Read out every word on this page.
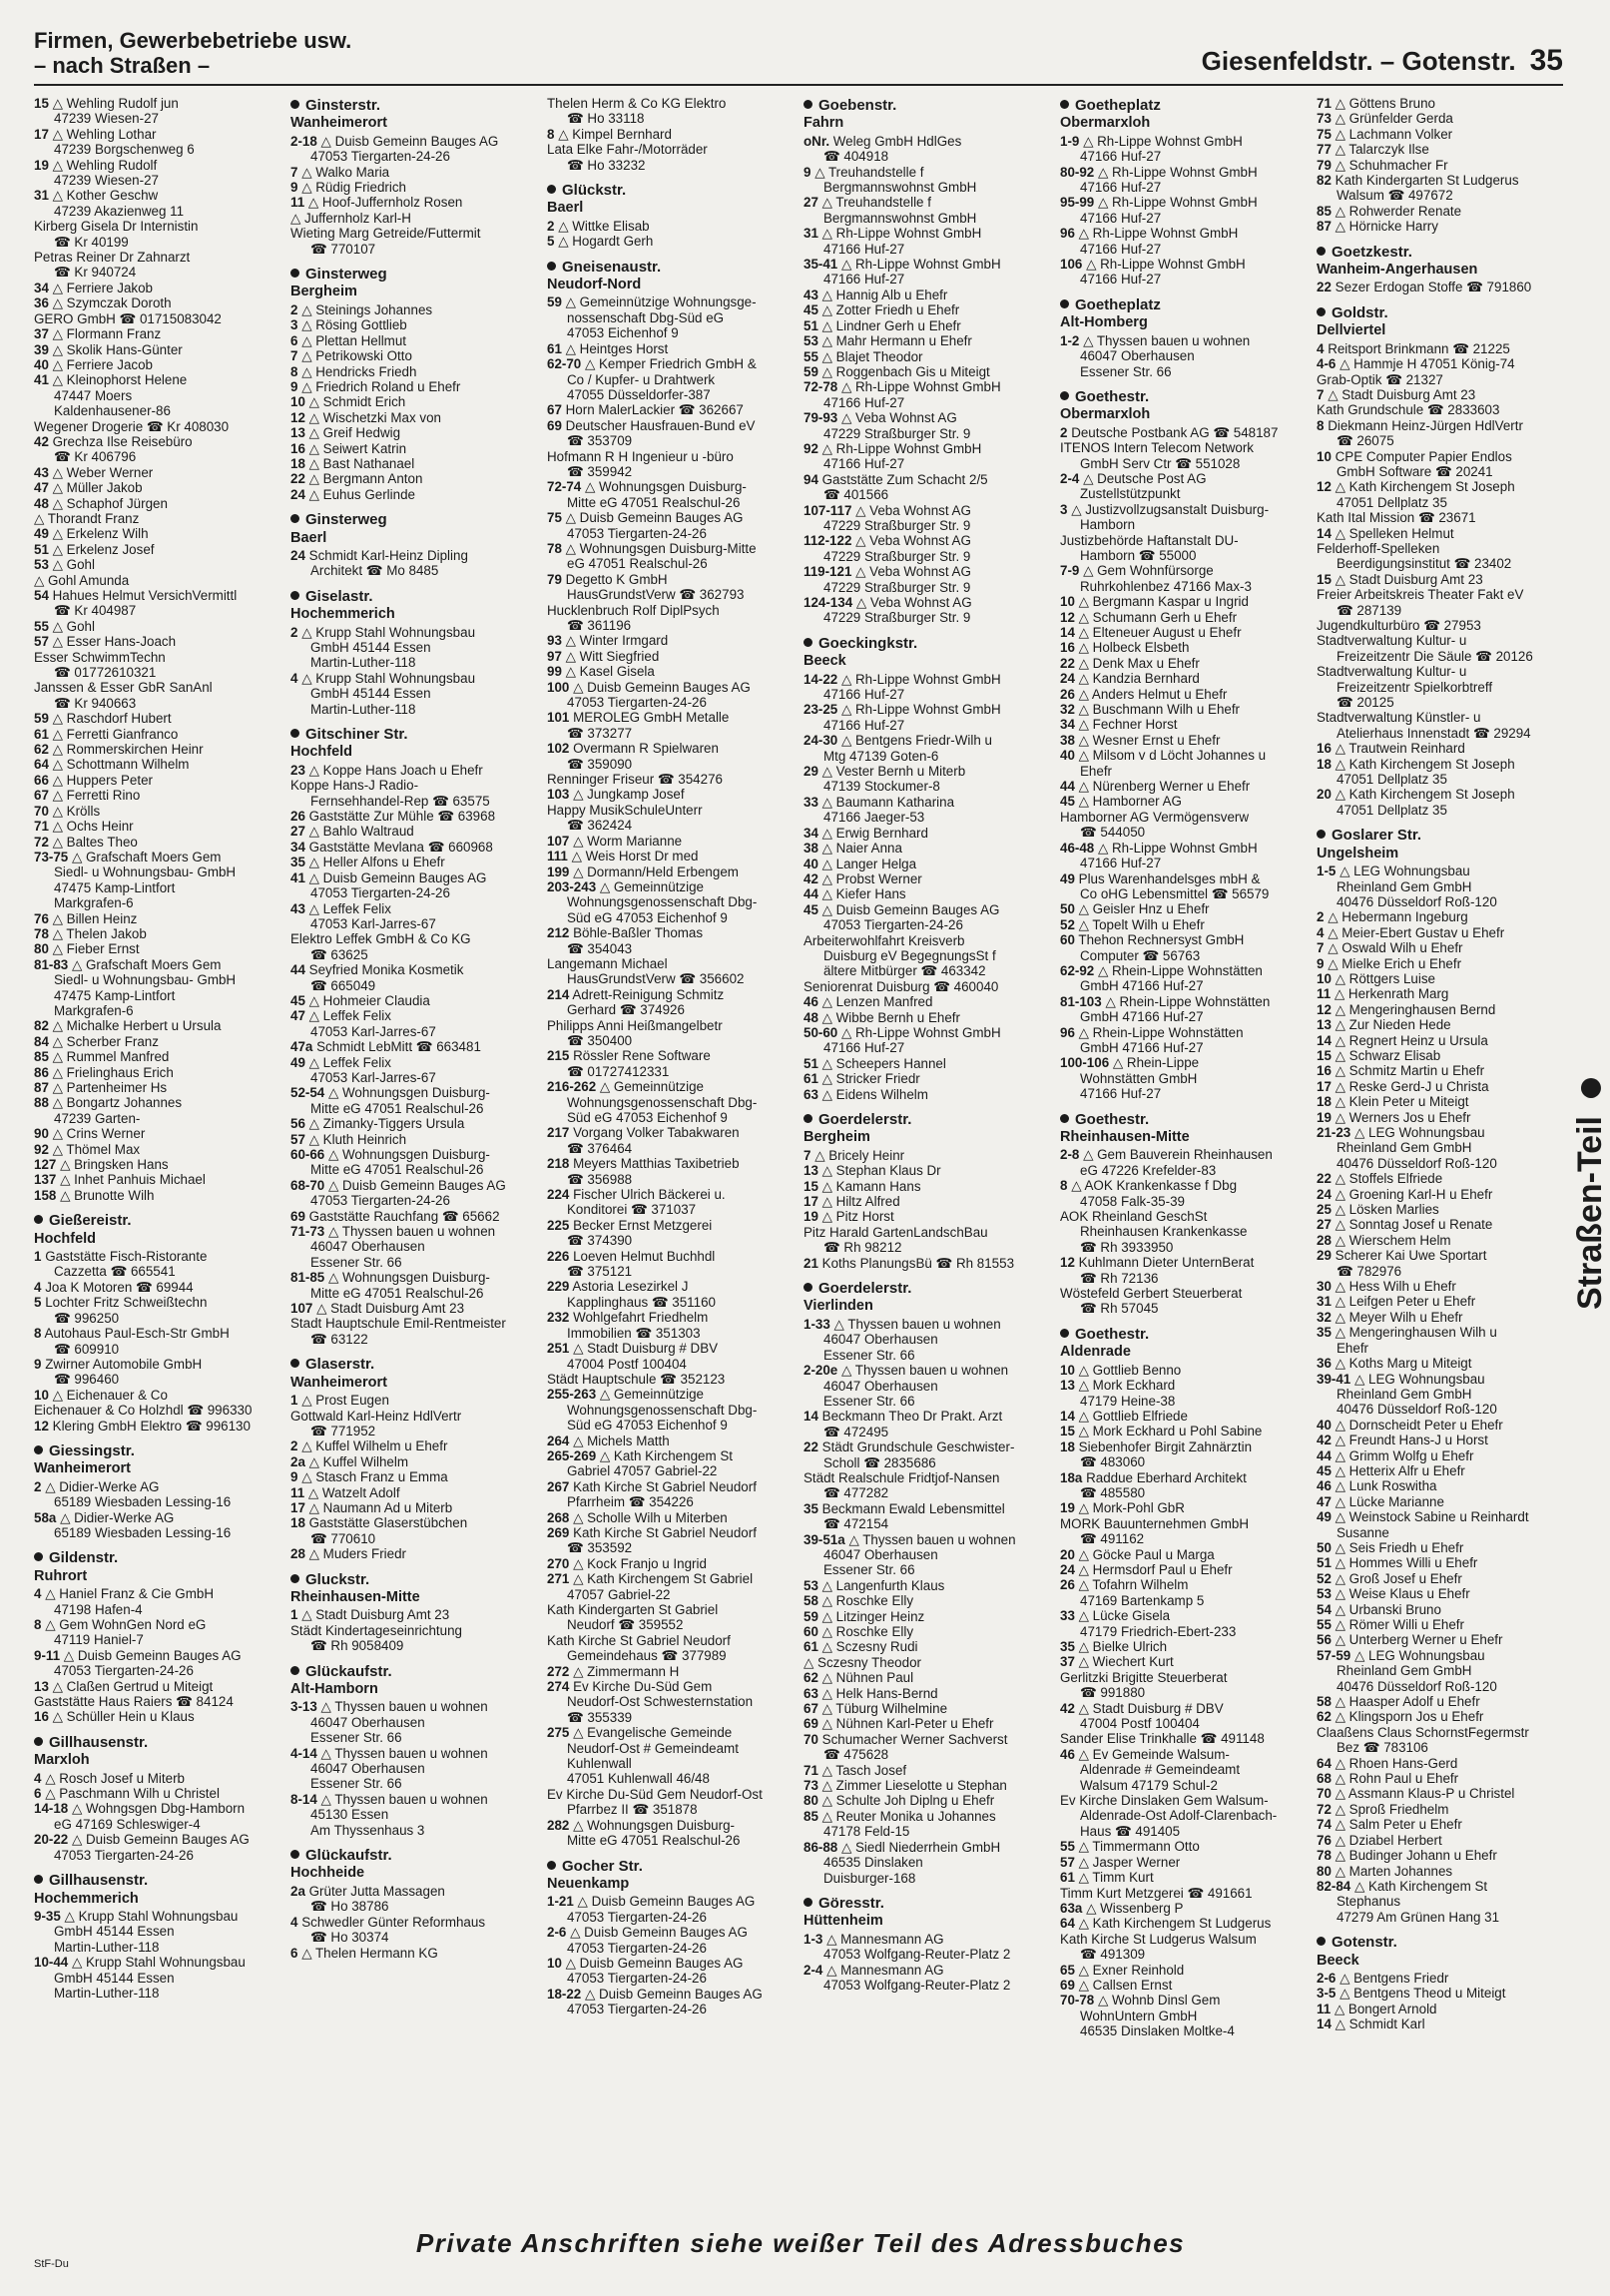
Firmen, Gewerbebetriebe usw.
– nach Straßen –	Giesenfeldstr. – Gotenstr. 35
15 △ Wehling Rudolf jun
47239 Wiesen-27
17 △ Wehling Lothar
47239 Borgschenweg 6
19 △ Wehling Rudolf
47239 Wiesen-27
31 △ Kother Geschw
47239 Akazienweg 11
Kirberg Gisela Dr Internistin
☎ Kr 40199
Petras Reiner Dr Zahnarzt
☎ Kr 940724
34 △ Ferriere Jakob
36 △ Szymczak Doroth
GERO GmbH ☎ 01715083042
37 △ Flormann Franz
39 △ Skolik Hans-Günter
40 △ Ferriere Jacob
41 △ Kleinophorst Helene
47447 Moers
Kaldenhausener-86
Wegener Drogerie ☎ Kr 408030
42 Grechza Ilse Reisebüro
☎ Kr 406796
43 △ Weber Werner
47 △ Müller Jakob
48 △ Schaphof Jürgen
△ Thorandt Franz
49 △ Erkelenz Wilh
51 △ Erkelenz Josef
53 △ Gohl
△ Gohl Amunda
54 Hahues Helmut VersichVermittl
☎ Kr 404987
55 △ Gohl
57 △ Esser Hans-Joach
Esser SchwimmTechn
☎ 01772610321
Janssen & Esser GbR SanAnl
☎ Kr 940663
59 △ Raschdorf Hubert
61 △ Ferretti Gianfranco
62 △ Rommerskirchen Heinr
64 △ Schottmann Wilhelm
66 △ Huppers Peter
67 △ Ferretti Rino
70 △ Krölls
71 △ Ochs Heinr
72 △ Baltes Theo
73-75 △ Grafschaft Moers Gem
Siedl- u Wohnungsbau- GmbH
47475 Kamp-Lintfort
Markgrafen-6
76 △ Billen Heinz
78 △ Thelen Jakob
80 △ Fieber Ernst
81-83 △ Grafschaft Moers Gem
Siedl- u Wohnungsbau- GmbH
47475 Kamp-Lintfort
Markgrafen-6
82 △ Michalke Herbert u Ursula
84 △ Scherber Franz
85 △ Rummel Manfred
86 △ Frielinghaus Erich
87 △ Partenheimer Hs
88 △ Bongartz Johannes
47239 Garten-
90 △ Crins Werner
92 △ Thömel Max
127 △ Bringsken Hans
137 △ Inhet Panhuis Michael
158 △ Brunotte Wilh
Gießereistr.
Hochfeld
1 Gaststätte Fisch-Ristorante
Cazzetta ☎ 665541
4 Joa K Motoren ☎ 69944
5 Lochter Fritz Schweißtechn
☎ 996250
8 Autohaus Paul-Esch-Str GmbH
☎ 609910
9 Zwirner Automobile GmbH
☎ 996460
10 △ Eichenauer & Co
Eichenauer & Co Holzhdl ☎ 996330
12 Klering GmbH Elektro ☎ 996130
Giessingstr.
Wanheimerort
2 △ Didier-Werke AG
65189 Wiesbaden Lessing-16
58a △ Didier-Werke AG
65189 Wiesbaden Lessing-16
Gildenstr.
Ruhrort
4 △ Haniel Franz & Cie GmbH
47198 Hafen-4
8 △ Gem WohnGen Nord eG
47119 Haniel-7
9-11 △ Duisb Gemeinn Bauges AG
47053 Tiergarten-24-26
13 △ Claßen Gertrud u Miteigt
Gaststätte Haus Raiers ☎ 84124
16 △ Schüller Hein u Klaus
Gillhausenstr.
Marxloh
4 △ Rosch Josef u Miterb
6 △ Paschmann Wilh u Christel
14-18 △ Wohngsgen Dbg-Hamborn
eG 47169 Schleswiger-4
20-22 △ Duisb Gemeinn Bauges AG
47053 Tiergarten-24-26
Gillhausenstr.
Hochemmerich
9-35 △ Krupp Stahl Wohnungsbau
GmbH 45144 Essen
Martin-Luther-118
10-44 △ Krupp Stahl Wohnungsbau
GmbH 45144 Essen
Martin-Luther-118
Ginsterstr.
Wanheimerort
2-18 △ Duisb Gemeinn Bauges AG
47053 Tiergarten-24-26
7 △ Walko Maria
9 △ Rüdig Friedrich
11 △ Hoof-Juffernholz Rosen
△ Juffernholz Karl-H
Wieting Marg Getreide/Futtermit
☎ 770107
Ginsterweg
Bergheim
2 △ Steinings Johannes
3 △ Rösing Gottlieb
6 △ Plettan Hellmut
7 △ Petrikowski Otto
8 △ Hendricks Friedh
9 △ Friedrich Roland u Ehefr
10 △ Schmidt Erich
12 △ Wischetzki Max von
13 △ Greif Hedwig
16 △ Seiwert Katrin
18 △ Bast Nathanael
22 △ Bergmann Anton
24 △ Euhus Gerlinde
Ginsterweg
Baerl
24 Schmidt Karl-Heinz Dipling
Architekt ☎ Mo 8485
Giselastr.
Hochemmerich
2 △ Krupp Stahl Wohnungsbau
GmbH 45144 Essen
Martin-Luther-118
4 △ Krupp Stahl Wohnungsbau
GmbH 45144 Essen
Martin-Luther-118
Gitschiner Str.
Hochfeld
23 △ Koppe Hans Joach u Ehefr
Koppe Hans-J Radio-
Fernsehhandel-Rep ☎ 63575
26 Gaststätte Zur Mühle ☎ 63968
27 △ Bahlo Waltraud
34 Gaststätte Mevlana ☎ 660968
35 △ Heller Alfons u Ehefr
41 △ Duisb Gemeinn Bauges AG
47053 Tiergarten-24-26
43 △ Leffek Felix
47053 Karl-Jarres-67
Elektro Leffek GmbH & Co KG
☎ 63625
44 Seyfried Monika Kosmetik
☎ 665049
45 △ Hohmeier Claudia
47 △ Leffek Felix
47053 Karl-Jarres-67
47a Schmidt LebMitt ☎ 663481
49 △ Leffek Felix
47053 Karl-Jarres-67
52-54 △ Wohnungsgen Duisburg-
Mitte eG 47051 Realschul-26
56 △ Zimanky-Tiggers Ursula
57 △ Kluth Heinrich
60-66 △ Wohnungsgen Duisburg-
Mitte eG 47051 Realschul-26
68-70 △ Duisb Gemeinn Bauges AG
47053 Tiergarten-24-26
69 Gaststätte Rauchfang ☎ 65662
71-73 △ Thyssen bauen u wohnen
46047 Oberhausen
Essener Str. 66
81-85 △ Wohnungsgen Duisburg-
Mitte eG 47051 Realschul-26
107 △ Stadt Duisburg Amt 23
Stadt Hauptschule Emil-Rentmeister
☎ 63122
Glaserstr.
Wanheimerort
1 △ Prost Eugen
Gottwald Karl-Heinz HdlVertr
☎ 771952
2 △ Kuffel Wilhelm u Ehefr
2a △ Kuffel Wilhelm
9 △ Stasch Franz u Emma
11 △ Watzelt Adolf
17 △ Naumann Ad u Miterb
18 Gaststätte Glaserstübchen
☎ 770610
28 △ Muders Friedr
Gluckstr.
Rheinhausen-Mitte
1 △ Stadt Duisburg Amt 23
Städt Kindertageseinrichtung
☎ Rh 9058409
Glückaufstr.
Alt-Hamborn
3-13 △ Thyssen bauen u wohnen
46047 Oberhausen
Essener Str. 66
4-14 △ Thyssen bauen u wohnen
46047 Oberhausen
Essener Str. 66
8-14 △ Thyssen bauen u wohnen
45130 Essen
Am Thyssenhaus 3
Glückaufstr.
Hochheide
2a Grüter Jutta Massagen
☎ Ho 38786
4 Schwedler Günter Reformhaus
☎ Ho 30374
6 △ Thelen Hermann KG
Thelen Herm & Co KG Elektro
☎ Ho 33118
8 △ Kimpel Bernhard
Lata Elke Fahr-/Motorräder
☎ Ho 33232
Glückstr.
Baerl
2 △ Wittke Elisab
5 △ Hogardt Gerh
Gneisenaustr.
Neudorf-Nord
59 △ Gemeinnützige Wohnungsge-
nossenschaft Dbg-Süd eG
47053 Eichenhof 9
61 △ Heintges Horst
62-70 △ Kemper Friedrich GmbH &
Co / Kupfer- u Drahtwerk
47055 Düsseldorfer-387
67 Horn MalerLackier ☎ 362667
69 Deutscher Hausfrauen-Bund eV
☎ 353709
Hofmann R H Ingenieur u -büro
☎ 359942
72-74 △ Wohnungsgen Duisburg-
Mitte eG 47051 Realschul-26
75 △ Duisb Gemeinn Bauges AG
47053 Tiergarten-24-26
78 △ Wohnungsgen Duisburg-Mitte
eG 47051 Realschul-26
79 Degetto K GmbH
HausGrundstVerw ☎ 362793
Hucklenbruch Rolf DiplPsych
☎ 361196
93 △ Winter Irmgard
97 △ Witt Siegfried
99 △ Kasel Gisela
100 △ Duisb Gemeinn Bauges AG
47053 Tiergarten-24-26
101 MEROLEG GmbH Metalle
☎ 373277
102 Overmann R Spielwaren
☎ 359090
Renninger Friseur ☎ 354276
103 △ Jungkamp Josef
Happy MusikSchuleUnterr
☎ 362424
107 △ Worm Marianne
111 △ Weis Horst Dr med
199 △ Dormann/Held Erbengem
203-243 △ Gemeinnützige
Wohnungsgenossenschaft Dbg-
Süd eG 47053 Eichenhof 9
212 Böhle-Baßler Thomas
☎ 354043
Langemann Michael
HausGrundstVerw ☎ 356602
214 Adrett-Reinigung Schmitz
Gerhard ☎ 374926
Philipps Anni Heißmangelbetr
☎ 350400
215 Rössler Rene Software
☎ 01727412331
216-262 △ Gemeinnützige
Wohnungsgenossenschaft Dbg-
Süd eG 47053 Eichenhof 9
217 Vorgang Volker Tabakwaren
☎ 376464
218 Meyers Matthias Taxibetrieb
☎ 356988
224 Fischer Ulrich Bäckerei u.
Konditorei ☎ 371037
225 Becker Ernst Metzgerei
☎ 374390
226 Loeven Helmut Buchhdl
☎ 375121
229 Astoria Lesezirkel J
Kapplinghaus ☎ 351160
232 Wohlgefahrt Friedhelm
Immobilien ☎ 351303
251 △ Stadt Duisburg # DBV
47004 Postf 100404
Städt Hauptschule ☎ 352123
255-263 △ Gemeinnützige
Wohnungsgenossenschaft Dbg-
Süd eG 47053 Eichenhof 9
264 △ Michels Matth
265-269 △ Kath Kirchengem St
Gabriel 47057 Gabriel-22
267 Kath Kirche St Gabriel Neudorf
Pfarrheim ☎ 354226
268 △ Scholle Wilh u Miterben
269 Kath Kirche St Gabriel Neudorf
☎ 353592
270 △ Kock Franjo u Ingrid
271 △ Kath Kirchengem St Gabriel
47057 Gabriel-22
Kath Kindergarten St Gabriel
Neudorf ☎ 359552
Kath Kirche St Gabriel Neudorf
Gemeindehaus ☎ 377989
272 △ Zimmermann H
274 Ev Kirche Du-Süd Gem
Neudorf-Ost Schwesternstation
☎ 355339
275 △ Evangelische Gemeinde
Neudorf-Ost # Gemeindeamt
Kuhlenwall
47051 Kuhlenwall 46/48
Ev Kirche Du-Süd Gem Neudorf-Ost
Pfarrbez II ☎ 351878
282 △ Wohnungsgen Duisburg-
Mitte eG 47051 Realschul-26
Gocher Str.
Neuenkamp
1-21 △ Duisb Gemeinn Bauges AG
47053 Tiergarten-24-26
2-6 △ Duisb Gemeinn Bauges AG
47053 Tiergarten-24-26
10 △ Duisb Gemeinn Bauges AG
47053 Tiergarten-24-26
18-22 △ Duisb Gemeinn Bauges AG
47053 Tiergarten-24-26
Goebenstr.
Fahrn
oNr. Weleg GmbH HdlGes
☎ 404918
9 △ Treuhandstelle f
Bergmannswohnst GmbH
27 △ Treuhandstelle f
Bergmannswohnst GmbH
31 △ Rh-Lippe Wohnst GmbH
47166 Huf-27
35-41 △ Rh-Lippe Wohnst GmbH
47166 Huf-27
43 △ Hannig Alb u Ehefr
45 △ Zotter Friedh u Ehefr
51 △ Lindner Gerh u Ehefr
53 △ Mahr Hermann u Ehefr
55 △ Blajet Theodor
59 △ Roggenbach Gis u Miteigt
72-78 △ Rh-Lippe Wohnst GmbH
47166 Huf-27
79-93 △ Veba Wohnst AG
47229 Straßburger Str. 9
92 △ Rh-Lippe Wohnst GmbH
47166 Huf-27
94 Gaststätte Zum Schacht 2/5
☎ 401566
107-117 △ Veba Wohnst AG
47229 Straßburger Str. 9
112-122 △ Veba Wohnst AG
47229 Straßburger Str. 9
119-121 △ Veba Wohnst AG
47229 Straßburger Str. 9
124-134 △ Veba Wohnst AG
47229 Straßburger Str. 9
Goeckingkstr.
Beeck
14-22 △ Rh-Lippe Wohnst GmbH
47166 Huf-27
23-25 △ Rh-Lippe Wohnst GmbH
47166 Huf-27
24-30 △ Bentgens Friedr-Wilh u
Mtg 47139 Goten-6
29 △ Vester Bernh u Miterb
47139 Stockumer-8
33 △ Baumann Katharina
47166 Jaeger-53
34 △ Erwig Bernhard
38 △ Naier Anna
40 △ Langer Helga
42 △ Probst Werner
44 △ Kiefer Hans
45 △ Duisb Gemeinn Bauges AG
47053 Tiergarten-24-26
Arbeiterwohlfahrt Kreisverb
Duisburg eV BegegnungsSt f
ältere Mitbürger ☎ 463342
Seniorenrat Duisburg ☎ 460040
46 △ Lenzen Manfred
48 △ Wibbe Bernh u Ehefr
50-60 △ Rh-Lippe Wohnst GmbH
47166 Huf-27
51 △ Scheepers Hannel
61 △ Stricker Friedr
63 △ Eidens Wilhelm
Goerdelerstr.
Bergheim
7 △ Bricely Heinr
13 △ Stephan Klaus Dr
15 △ Kamann Hans
17 △ Hiltz Alfred
19 △ Pitz Horst
Pitz Harald GartenLandschBau
☎ Rh 98212
21 Koths PlanungsBü ☎ Rh 81553
Goerdelerstr.
Vierlinden
1-33 △ Thyssen bauen u wohnen
46047 Oberhausen
Essener Str. 66
2-20e △ Thyssen bauen u wohnen
46047 Oberhausen
Essener Str. 66
14 Beckmann Theo Dr Prakt. Arzt
☎ 472495
22 Städt Grundschule Geschwister-
Scholl ☎ 2835686
Städt Realschule Fridtjof-Nansen
☎ 477282
35 Beckmann Ewald Lebensmittel
☎ 472154
39-51a △ Thyssen bauen u wohnen
46047 Oberhausen
Essener Str. 66
53 △ Langenfurth Klaus
58 △ Roschke Elly
59 △ Litzinger Heinz
60 △ Roschke Elly
61 △ Sczesny Rudi
△ Sczesny Theodor
62 △ Nühnen Paul
63 △ Helk Hans-Bernd
67 △ Tüburg Wilhelmine
69 △ Nühnen Karl-Peter u Ehefr
70 Schumacher Werner Sachverst
☎ 475628
71 △ Tasch Josef
73 △ Zimmer Lieselotte u Stephan
80 △ Schulte Joh Diplng u Ehefr
85 △ Reuter Monika u Johannes
47178 Feld-15
86-88 △ Siedl Niederrhein GmbH
46535 Dinslaken
Duisburger-168
Göresstr.
Hüttenheim
1-3 △ Mannesmann AG
47053 Wolfgang-Reuter-Platz 2
2-4 △ Mannesmann AG
47053 Wolfgang-Reuter-Platz 2
Goetheplatz
Obermarxloh
1-9 △ Rh-Lippe Wohnst GmbH
47166 Huf-27
80-92 △ Rh-Lippe Wohnst GmbH
47166 Huf-27
95-99 △ Rh-Lippe Wohnst GmbH
47166 Huf-27
96 △ Rh-Lippe Wohnst GmbH
47166 Huf-27
106 △ Rh-Lippe Wohnst GmbH
47166 Huf-27
Goetheplatz
Alt-Homberg
1-2 △ Thyssen bauen u wohnen
46047 Oberhausen
Essener Str. 66
Goethestr.
Obermarxloh
2 Deutsche Postbank AG ☎ 548187
ITENOS Intern Telecom Network
GmbH Serv Ctr ☎ 551028
2-4 △ Deutsche Post AG
Zustellstützpunkt
3 △ Justizvollzugsanstalt Duisburg-
Hamborn
Justizbehörde Haftanstalt DU-
Hamborn ☎ 55000
7-9 △ Gem Wohnfürsorge
Ruhrkohlenbez 47166 Max-3
10 △ Bergmann Kaspar u Ingrid
12 △ Schumann Gerh u Ehefr
14 △ Elteneuer August u Ehefr
16 △ Holbeck Elsbeth
22 △ Denk Max u Ehefr
24 △ Kandzia Bernhard
26 △ Anders Helmut u Ehefr
32 △ Buschmann Wilh u Ehefr
34 △ Fechner Horst
38 △ Wesner Ernst u Ehefr
40 △ Milsom v d Löcht Johannes u
Ehefr
44 △ Nürenberg Werner u Ehefr
45 △ Hamborner AG
Hamborner AG Vermögensverw
☎ 544050
46-48 △ Rh-Lippe Wohnst GmbH
47166 Huf-27
49 Plus Warenhandelsges mbH &
Co oHG Lebensmittel ☎ 56579
50 △ Geisler Hnz u Ehefr
52 △ Topelt Wilh u Ehefr
60 Thehon Rechnersyst GmbH
Computer ☎ 56763
62-92 △ Rhein-Lippe Wohnstätten
GmbH 47166 Huf-27
81-103 △ Rhein-Lippe Wohnstätten
GmbH 47166 Huf-27
96 △ Rhein-Lippe Wohnstätten
GmbH 47166 Huf-27
100-106 △ Rhein-Lippe
Wohnstätten GmbH
47166 Huf-27
Goethestr.
Rheinhausen-Mitte
2-8 △ Gem Bauverein Rheinhausen
eG 47226 Krefelder-83
8 △ AOK Krankenkasse f Dbg
47058 Falk-35-39
AOK Rheinland GeschSt
Rheinhausen Krankenkasse
☎ Rh 3933950
12 Kuhlmann Dieter UnternBerat
☎ Rh 72136
Wöstefeld Gerbert Steuerberat
☎ Rh 57045
Goethestr.
Aldenrade
10 △ Gottlieb Benno
13 △ Mork Eckhard
47179 Heine-38
14 △ Gottlieb Elfriede
15 △ Mork Eckhard u Pohl Sabine
18 Siebenhofer Birgit Zahnärztin
☎ 483060
18a Raddue Eberhard Architekt
☎ 485580
19 △ Mork-Pohl GbR
MORK Bauunternehmen GmbH
☎ 491162
20 △ Göcke Paul u Marga
24 △ Hermsdorf Paul u Ehefr
26 △ Tofahrn Wilhelm
47169 Bartenkamp 5
33 △ Lücke Gisela
47179 Friedrich-Ebert-233
35 △ Bielke Ulrich
37 △ Wiechert Kurt
Gerlitzki Brigitte Steuerberat
☎ 991880
42 △ Stadt Duisburg # DBV
47004 Postf 100404
Sander Elise Trinkhalle ☎ 491148
46 △ Ev Gemeinde Walsum-
Aldenrade # Gemeindeamt
Walsum 47179 Schul-2
Ev Kirche Dinslaken Gem Walsum-
Aldenrade-Ost Adolf-Clarenbach-
Haus ☎ 491405
55 △ Timmermann Otto
57 △ Jasper Werner
61 △ Timm Kurt
Timm Kurt Metzgerei ☎ 491661
63a △ Wissenberg P
64 △ Kath Kirchengem St Ludgerus
Kath Kirche St Ludgerus Walsum
☎ 491309
65 △ Exner Reinhold
69 △ Callsen Ernst
70-78 △ Wohnb Dinsl Gem
WohnUntern GmbH
46535 Dinslaken Moltke-4
71 △ Göttens Bruno
73 △ Grünfelder Gerda
75 △ Lachmann Volker
77 △ Talarczyk Ilse
79 △ Schuhmacher Fr
82 Kath Kindergarten St Ludgerus
Walsum ☎ 497672
85 △ Rohwerder Renate
87 △ Hörnicke Harry
Goetzkestr.
Wanheim-Angerhausen
22 Sezer Erdogan Stoffe ☎ 791860
Goldstr.
Dellviertel
4 Reitsport Brinkmann ☎ 21225
4-6 △ Hammje H 47051 König-74
Grab-Optik ☎ 21327
7 △ Stadt Duisburg Amt 23
Kath Grundschule ☎ 2833603
8 Diekmann Heinz-Jürgen HdlVertr
☎ 26075
10 CPE Computer Papier Endlos
GmbH Software ☎ 20241
12 △ Kath Kirchengem St Joseph
47051 Dellplatz 35
Kath Ital Mission ☎ 23671
14 △ Spelleken Helmut
Felderhoff-Spelleken
Beerdigungsinstitut ☎ 23402
15 △ Stadt Duisburg Amt 23
Freier Arbeitskreis Theater Fakt eV
☎ 287139
Jugendkulturbüro ☎ 27953
Stadtverwaltung Kultur- u
Freizeitzentr Die Säule ☎ 20126
Stadtverwaltung Kultur- u
Freizeitzentr Spielkorbtreff
☎ 20125
Stadtverwaltung Künstler- u
Atelierhaus Innenstadt ☎ 29294
16 △ Trautwein Reinhard
18 △ Kath Kirchengem St Joseph
47051 Dellplatz 35
20 △ Kath Kirchengem St Joseph
47051 Dellplatz 35
Goslarer Str.
Ungelsheim
1-5 △ LEG Wohnungsbau
Rheinland Gem GmbH
40476 Düsseldorf Roß-120
2 △ Hebermann Ingeburg
4 △ Meier-Ebert Gustav u Ehefr
7 △ Oswald Wilh u Ehefr
9 △ Mielke Erich u Ehefr
10 △ Röttgers Luise
11 △ Herkenrath Marg
12 △ Mengeringhausen Bernd
13 △ Zur Nieden Hede
14 △ Regnert Heinz u Ursula
15 △ Schwarz Elisab
16 △ Schmitz Martin u Ehefr
17 △ Reske Gerd-J u Christa
18 △ Klein Peter u Miteigt
19 △ Werners Jos u Ehefr
21-23 △ LEG Wohnungsbau
Rheinland Gem GmbH
40476 Düsseldorf Roß-120
22 △ Stoffels Elfriede
24 △ Groening Karl-H u Ehefr
25 △ Lösken Marlies
27 △ Sonntag Josef u Renate
28 △ Wierschem Helm
29 Scherer Kai Uwe Sportart
☎ 782976
30 △ Hess Wilh u Ehefr
31 △ Leifgen Peter u Ehefr
32 △ Meyer Wilh u Ehefr
35 △ Mengeringhausen Wilh u
Ehefr
36 △ Koths Marg u Miteigt
39-41 △ LEG Wohnungsbau
Rheinland Gem GmbH
40476 Düsseldorf Roß-120
40 △ Dornscheidt Peter u Ehefr
42 △ Freundt Hans-J u Horst
44 △ Grimm Wolfg u Ehefr
45 △ Hetterix Alfr u Ehefr
46 △ Lunk Roswitha
47 △ Lücke Marianne
49 △ Weinstock Sabine u Reinhardt
Susanne
50 △ Seis Friedh u Ehefr
51 △ Hommes Willi u Ehefr
52 △ Groß Josef u Ehefr
53 △ Weise Klaus u Ehefr
54 △ Urbanski Bruno
55 △ Römer Willi u Ehefr
56 △ Unterberg Werner u Ehefr
57-59 △ LEG Wohnungsbau
Rheinland Gem GmbH
40476 Düsseldorf Roß-120
58 △ Haasper Adolf u Ehefr
62 △ Klingsporn Jos u Ehefr
Claaßens Claus SchornstFegermstr
Bez ☎ 783106
64 △ Rhoen Hans-Gerd
68 △ Rohn Paul u Ehefr
70 △ Assmann Klaus-P u Christel
72 △ Sproß Friedhelm
74 △ Salm Peter u Ehefr
76 △ Dziabel Herbert
78 △ Budinger Johann u Ehefr
80 △ Marten Johannes
82-84 △ Kath Kirchengem St
Stephanus
47279 Am Grünen Hang 31
Gotenstr.
Beeck
2-6 △ Bentgens Friedr
3-5 △ Bentgens Theod u Miteigt
11 △ Bongert Arnold
14 △ Schmidt Karl
Straßen-Teil
Private Anschriften siehe weißer Teil des Adressbuches
StF-Du
